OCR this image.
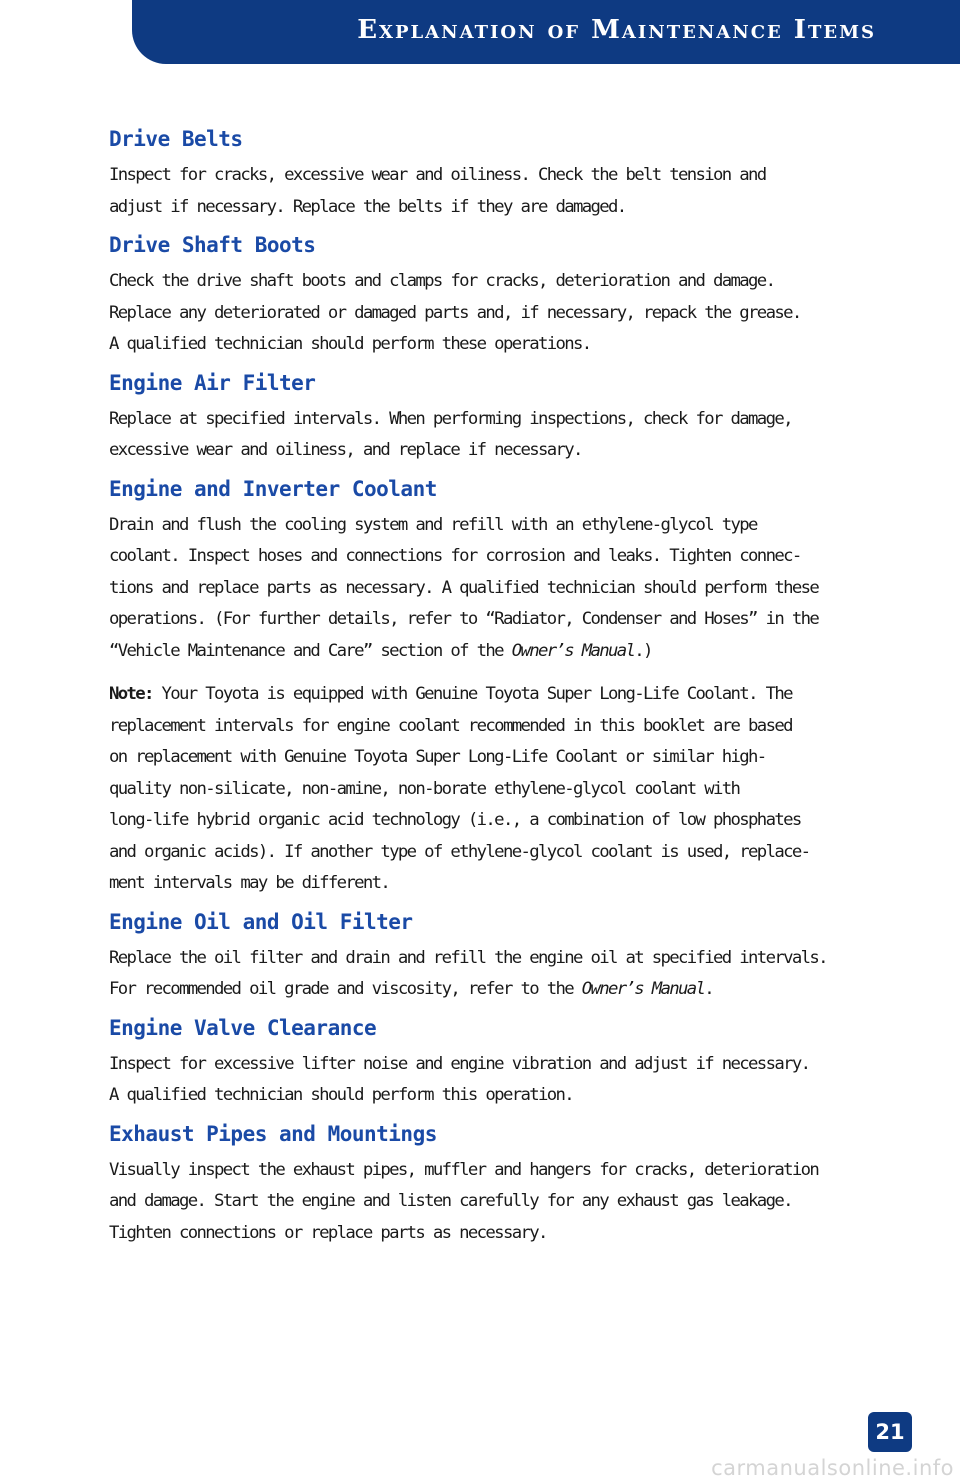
Explanation of Maintenance Items
Drive Belts

Inspect for cracks, excessive wear and oiliness. Check the belt tension and
adjust if necessary. Replace the belts if they are damaged.

Drive Shaft Boots

Check the drive shaft boots and clamps for cracks, deterioration and damage.
Replace any deteriorated or damaged parts and, if necessary, repack the grease.
A qualified technician should perform these operations.

Engine Air Filter

Replace at specified intervals. When performing inspections, check for damage,
excessive wear and oiliness, and replace if necessary.

Engine and Inverter Coolant

Drain and flush the cooling system and refill with an ethylene-glycol type
coolant. Inspect hoses and connections for corrosion and leaks. Tighten connec-
tions and replace parts as necessary. A qualified technician should perform these
operations. (For further details, refer to “Radiator, Condenser and Hoses” in the
“Vehicle Maintenance and Care” section of the Owner’s Manual.)

Note: Your Toyota is equipped with Genuine Toyota Super Long-Life Coolant. The
replacement intervals for engine coolant recommended in this booklet are based
on replacement with Genuine Toyota Super Long-Life Coolant or similar high-
quality non-silicate, non-amine, non-borate ethylene-glycol coolant with
long-life hybrid organic acid technology (i.e., a combination of low phosphates
and organic acids). If another type of ethylene-glycol coolant is used, replace-
ment intervals may be different.

Engine Oil and Oil Filter

Replace the oil filter and drain and refill the engine oil at specified intervals.
For recommended oil grade and viscosity, refer to the Owner’s Manual.

Engine Valve Clearance

Inspect for excessive lifter noise and engine vibration and adjust if necessary.
A qualified technician should perform this operation.

Exhaust Pipes and Mountings

Visually inspect the exhaust pipes, muffler and hangers for cracks, deterioration
and damage. Start the engine and listen carefully for any exhaust gas leakage.
Tighten connections or replace parts as necessary.

21
carmanualsonline.info
